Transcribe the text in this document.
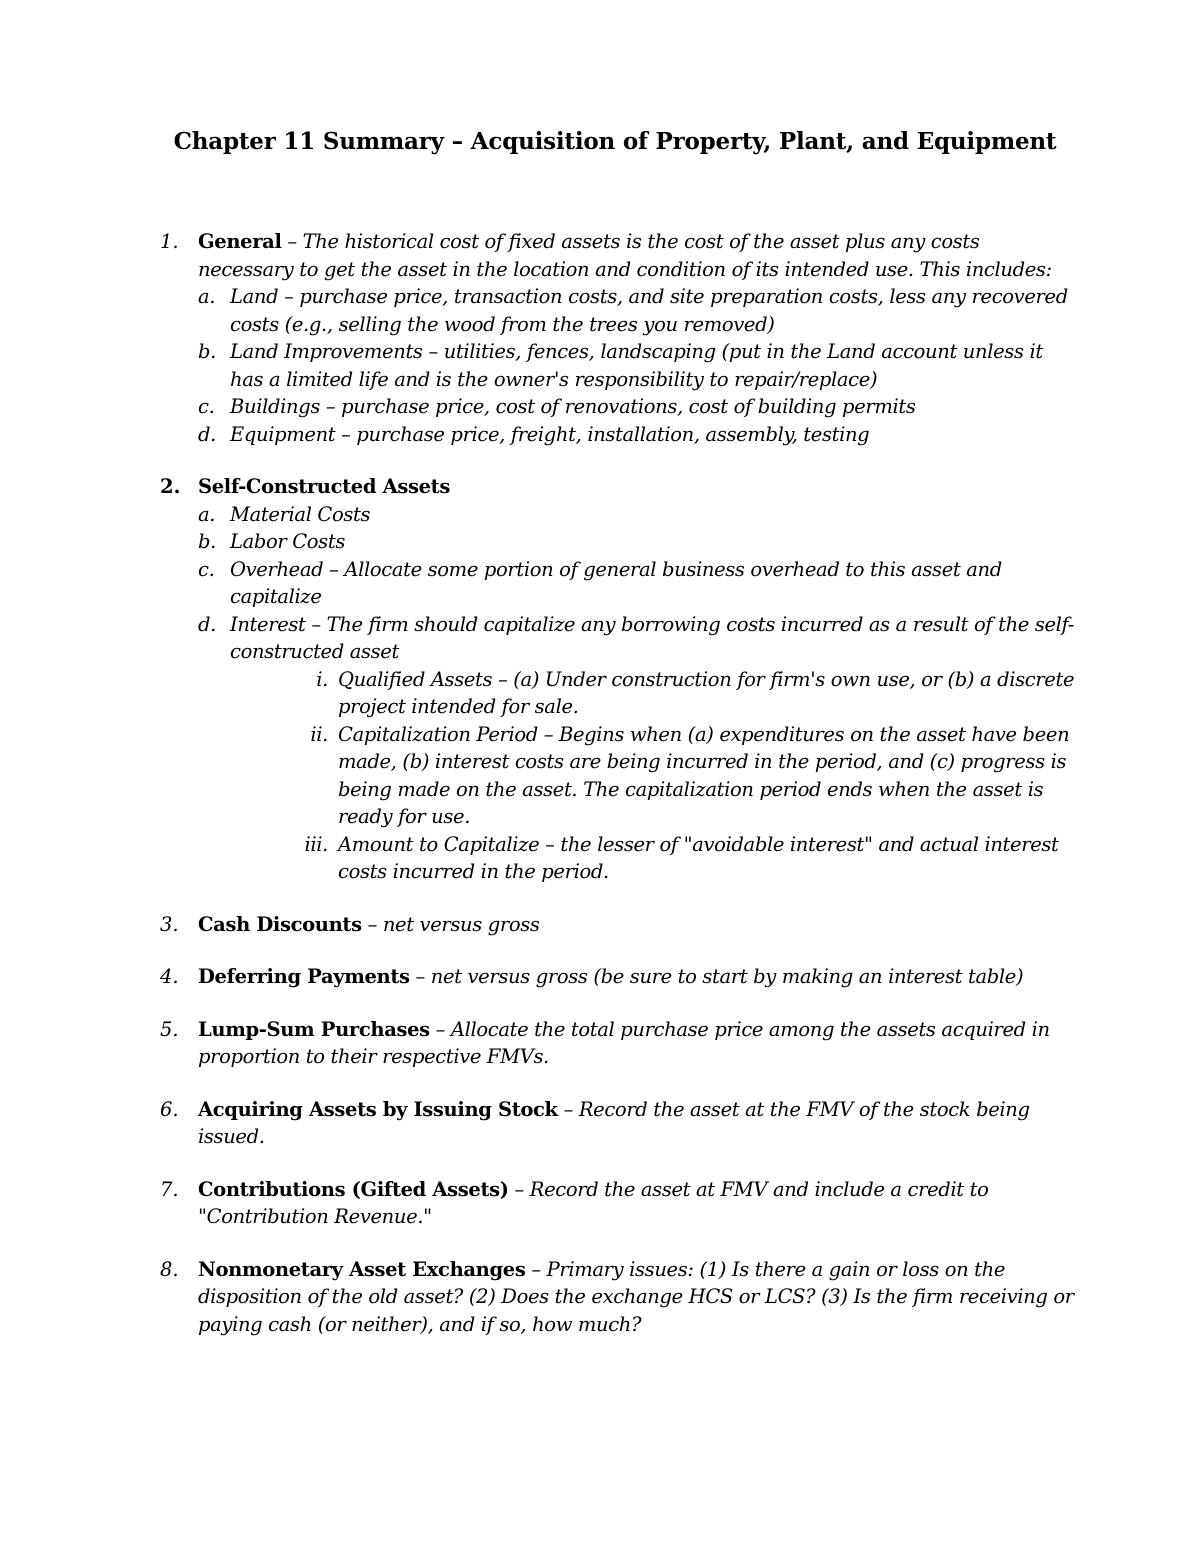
Chapter 11 Summary – Acquisition of Property, Plant, and Equipment
1. General – The historical cost of fixed assets is the cost of the asset plus any costs necessary to get the asset in the location and condition of its intended use. This includes:
a. Land – purchase price, transaction costs, and site preparation costs, less any recovered costs (e.g., selling the wood from the trees you removed)
b. Land Improvements – utilities, fences, landscaping (put in the Land account unless it has a limited life and is the owner's responsibility to repair/replace)
c. Buildings – purchase price, cost of renovations, cost of building permits
d. Equipment – purchase price, freight, installation, assembly, testing
2. Self-Constructed Assets
a. Material Costs
b. Labor Costs
c. Overhead – Allocate some portion of general business overhead to this asset and capitalize
d. Interest – The firm should capitalize any borrowing costs incurred as a result of the self-constructed asset
i. Qualified Assets – (a) Under construction for firm's own use, or (b) a discrete project intended for sale.
ii. Capitalization Period – Begins when (a) expenditures on the asset have been made, (b) interest costs are being incurred in the period, and (c) progress is being made on the asset. The capitalization period ends when the asset is ready for use.
iii. Amount to Capitalize – the lesser of "avoidable interest" and actual interest costs incurred in the period.
3. Cash Discounts – net versus gross
4. Deferring Payments – net versus gross (be sure to start by making an interest table)
5. Lump-Sum Purchases – Allocate the total purchase price among the assets acquired in proportion to their respective FMVs.
6. Acquiring Assets by Issuing Stock – Record the asset at the FMV of the stock being issued.
7. Contributions (Gifted Assets) – Record the asset at FMV and include a credit to "Contribution Revenue."
8. Nonmonetary Asset Exchanges – Primary issues: (1) Is there a gain or loss on the disposition of the old asset? (2) Does the exchange HCS or LCS? (3) Is the firm receiving or paying cash (or neither), and if so, how much?
